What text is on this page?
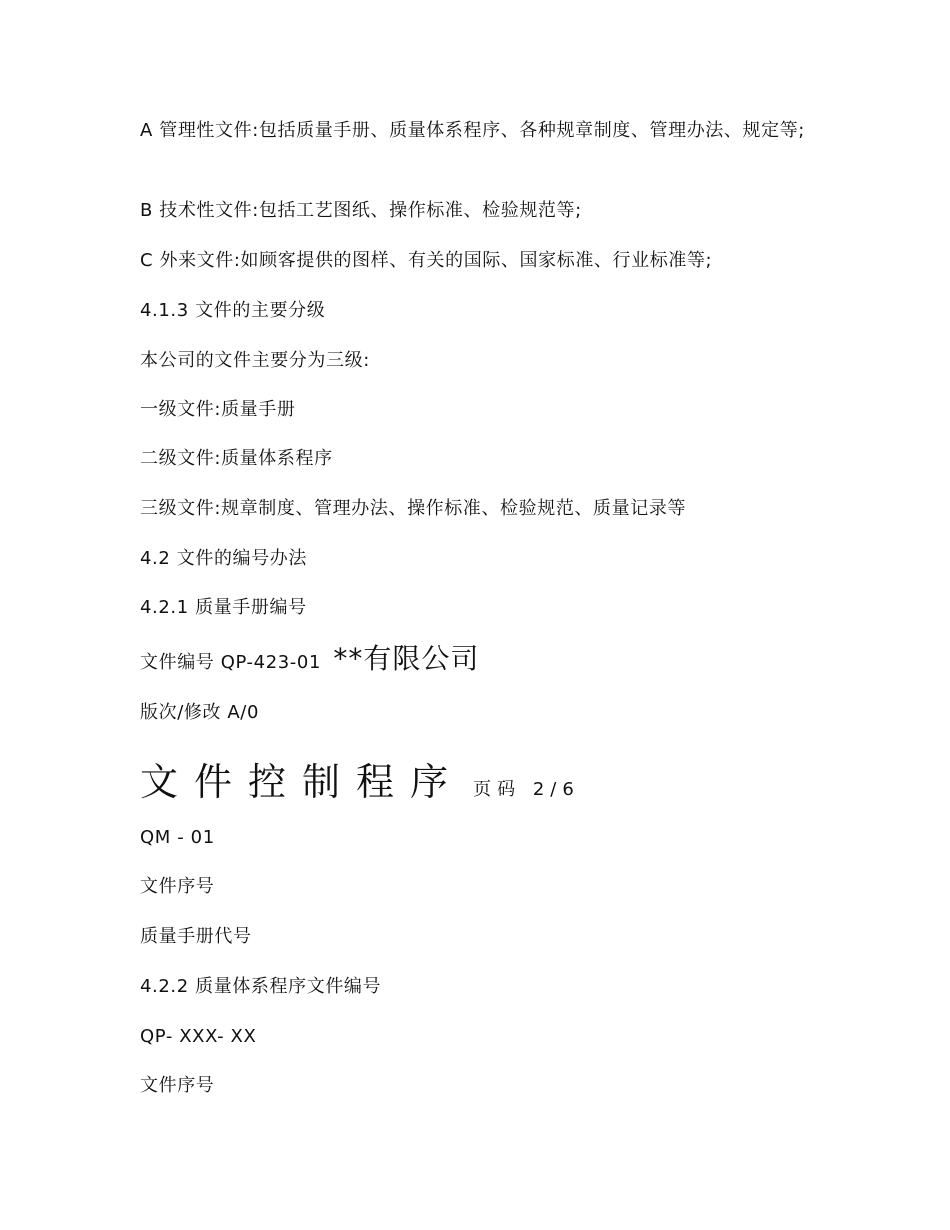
A 管理性文件:包括质量手册、质量体系程序、各种规章制度、管理办法、规定等;
B 技术性文件:包括工艺图纸、操作标准、检验规范等;
C 外来文件:如顾客提供的图样、有关的国际、国家标准、行业标准等;
4.1.3 文件的主要分级
本公司的文件主要分为三级:
一级文件:质量手册
二级文件:质量体系程序
三级文件:规章制度、管理办法、操作标准、检验规范、质量记录等
4.2 文件的编号办法
4.2.1 质量手册编号
文件编号 QP-423-01 **有限公司
版次/修改 A/0
文件控制程序 页码 2/6
QM - 01
文件序号
质量手册代号
4.2.2 质量体系程序文件编号
QP- XXX- XX
文件序号
